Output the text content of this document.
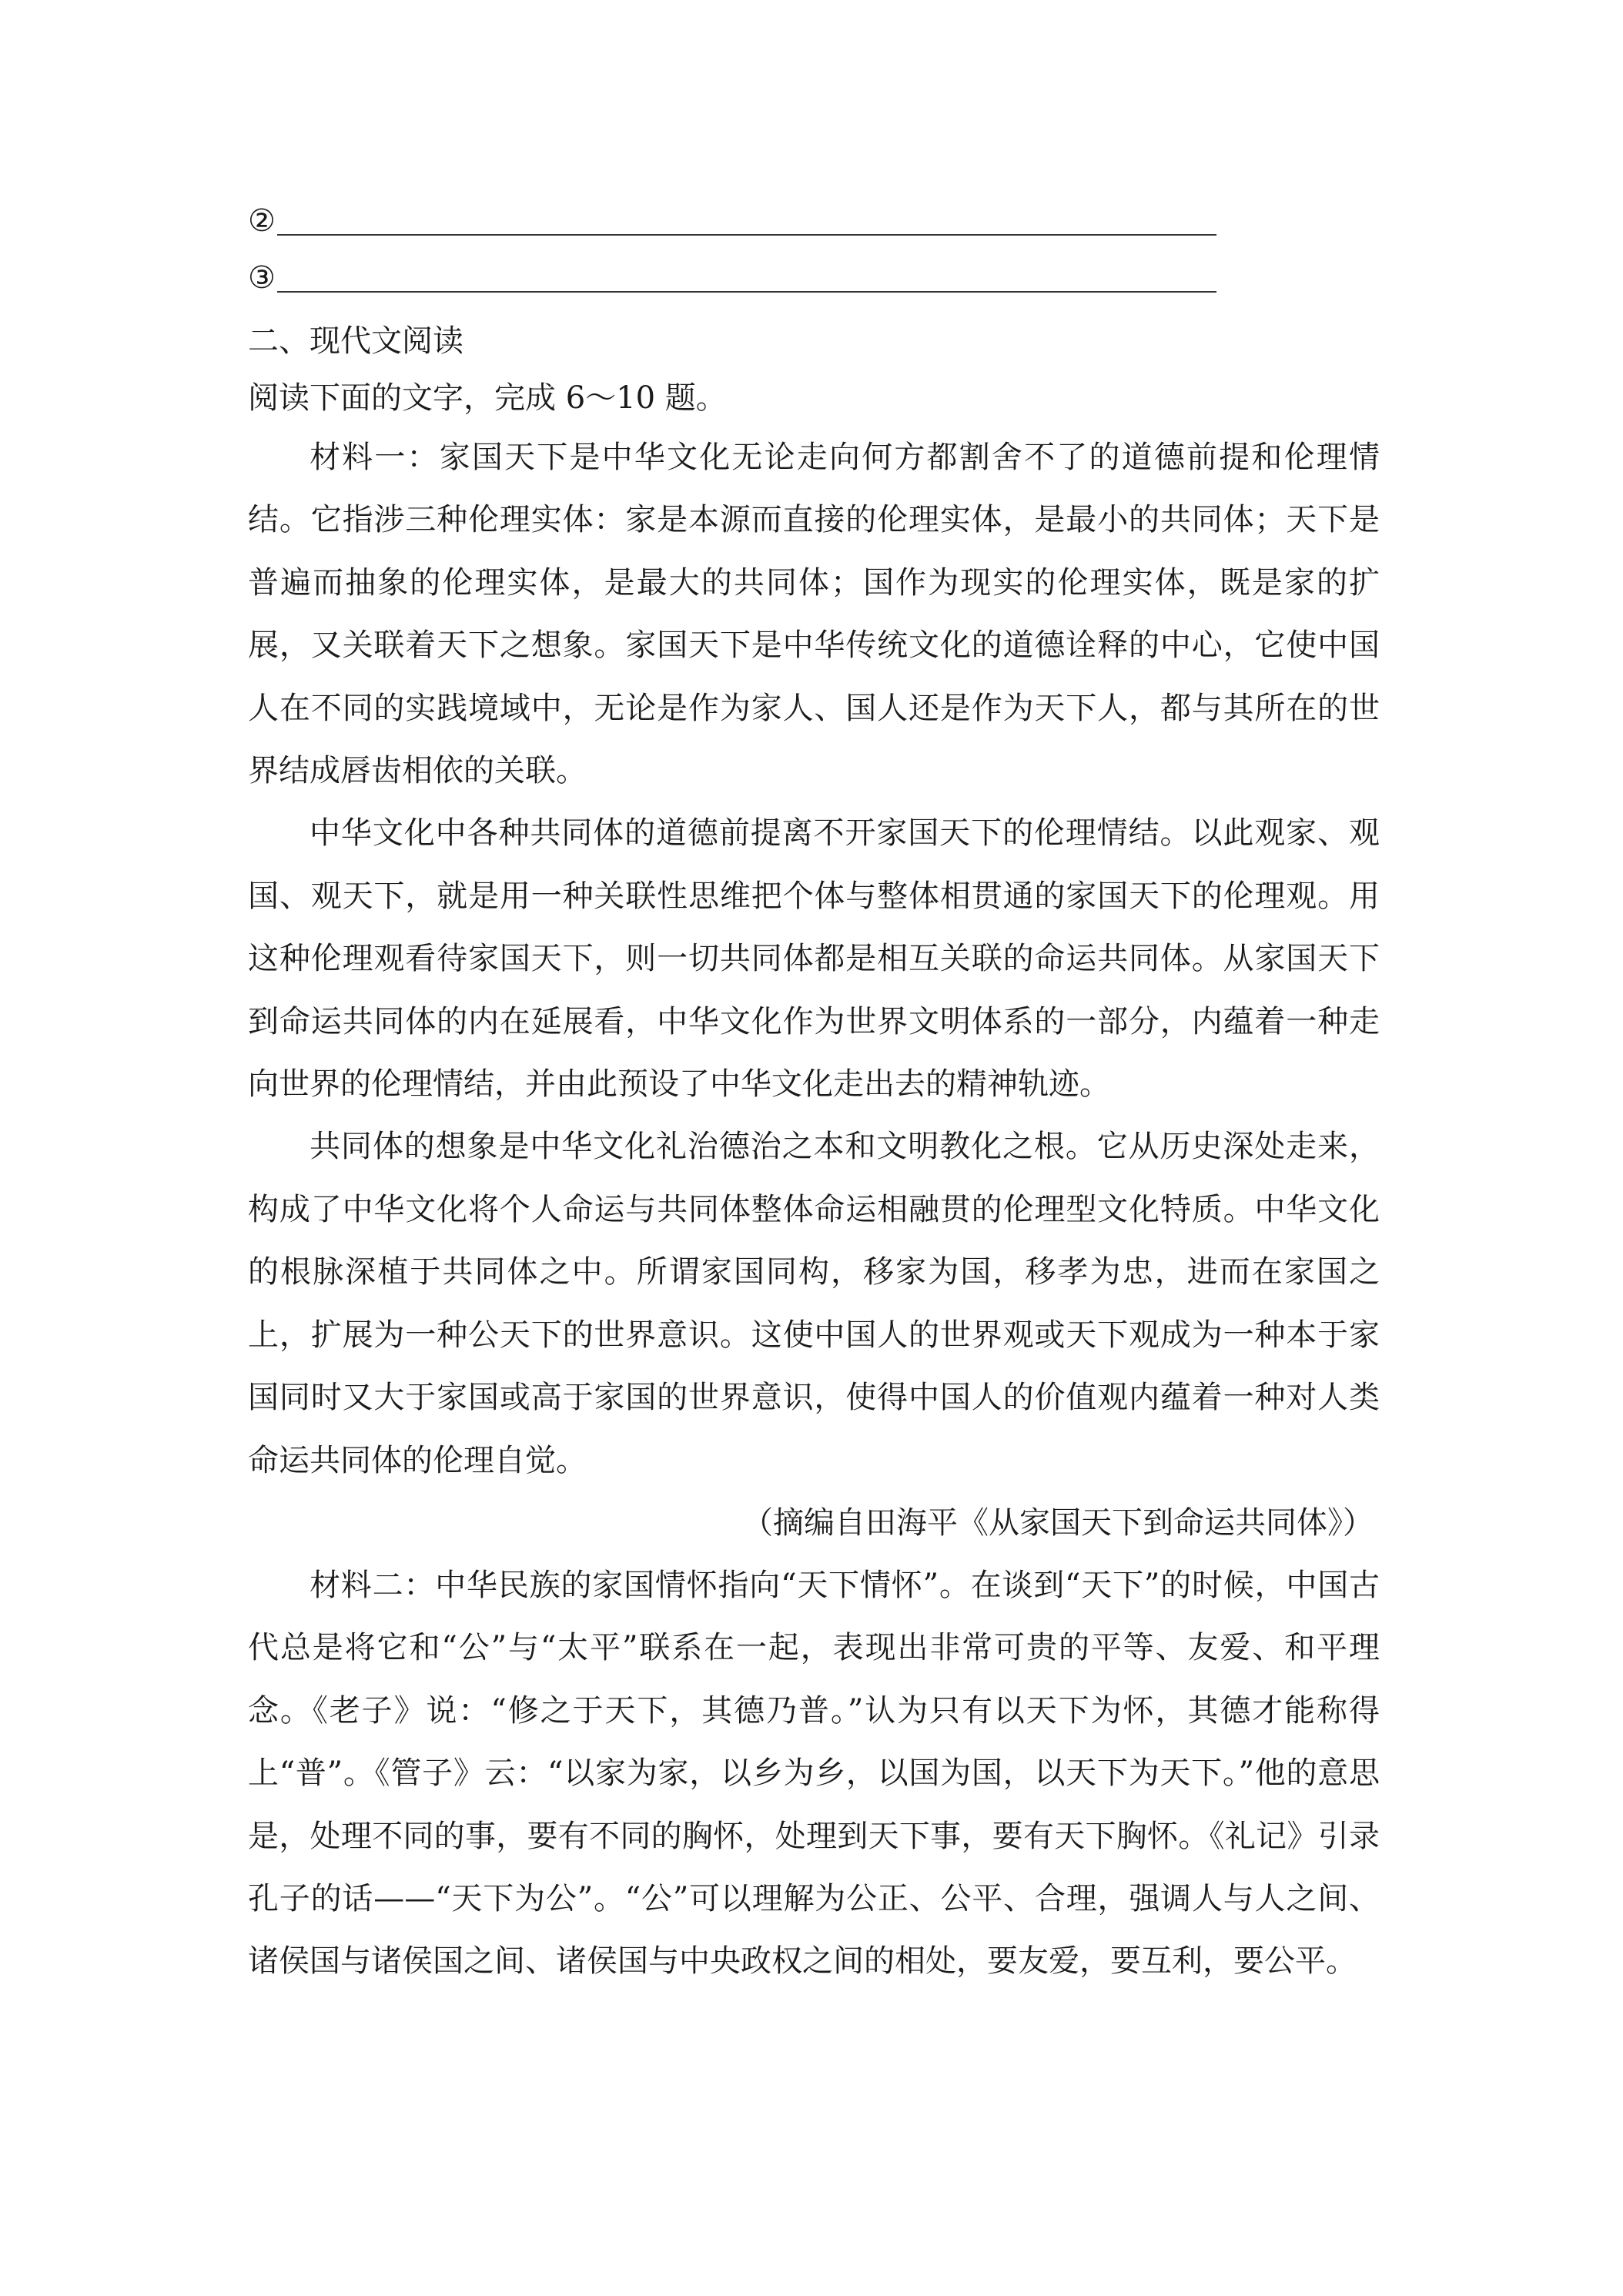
②
③
二、现代文阅读
阅读下面的文字，完成 6～10 题。

材料一：家国天下是中华文化无论走向何方都割舍不了的道德前提和伦理情结。它指涉三种伦理实体：家是本源而直接的伦理实体，是最小的共同体；天下是普遍而抽象的伦理实体，是最大的共同体；国作为现实的伦理实体，既是家的扩展，又关联着天下之想象。家国天下是中华传统文化的道德诠释的中心，它使中国人在不同的实践境域中，无论是作为家人、国人还是作为天下人，都与其所在的世界结成唇齿相依的关联。

中华文化中各种共同体的道德前提离不开家国天下的伦理情结。以此观家、观国、观天下，就是用一种关联性思维把个体与整体相贯通的家国天下的伦理观。用这种伦理观看待家国天下，则一切共同体都是相互关联的命运共同体。从家国天下到命运共同体的内在延展看，中华文化作为世界文明体系的一部分，内蕴着一种走向世界的伦理情结，并由此预设了中华文化走出去的精神轨迹。

共同体的想象是中华文化礼治德治之本和文明教化之根。它从历史深处走来，构成了中华文化将个人命运与共同体整体命运相融贯的伦理型文化特质。中华文化的根脉深植于共同体之中。所谓家国同构，移家为国，移孝为忠，进而在家国之上，扩展为一种公天下的世界意识。这使中国人的世界观或天下观成为一种本于家国同时又大于家国或高于家国的世界意识，使得中国人的价值观内蕴着一种对人类命运共同体的伦理自觉。

（摘编自田海平《从家国天下到命运共同体》）

材料二：中华民族的家国情怀指向“天下情怀”。在谈到“天下”的时候，中国古代总是将它和“公”与“太平”联系在一起，表现出非常可贵的平等、友爱、和平理念。《老子》说：“修之于天下，其德乃普。”认为只有以天下为怀，其德才能称得上“普”。《管子》云：“以家为家，以乡为乡，以国为国，以天下为天下。”他的意思是，处理不同的事，要有不同的胸怀，处理到天下事，要有天下胸怀。《礼记》引录孔子的话——“天下为公”。“公”可以理解为公正、公平、合理，强调人与人之间、诸侯国与诸侯国之间、诸侯国与中央政权之间的相处，要友爱，要互利，要公平。
